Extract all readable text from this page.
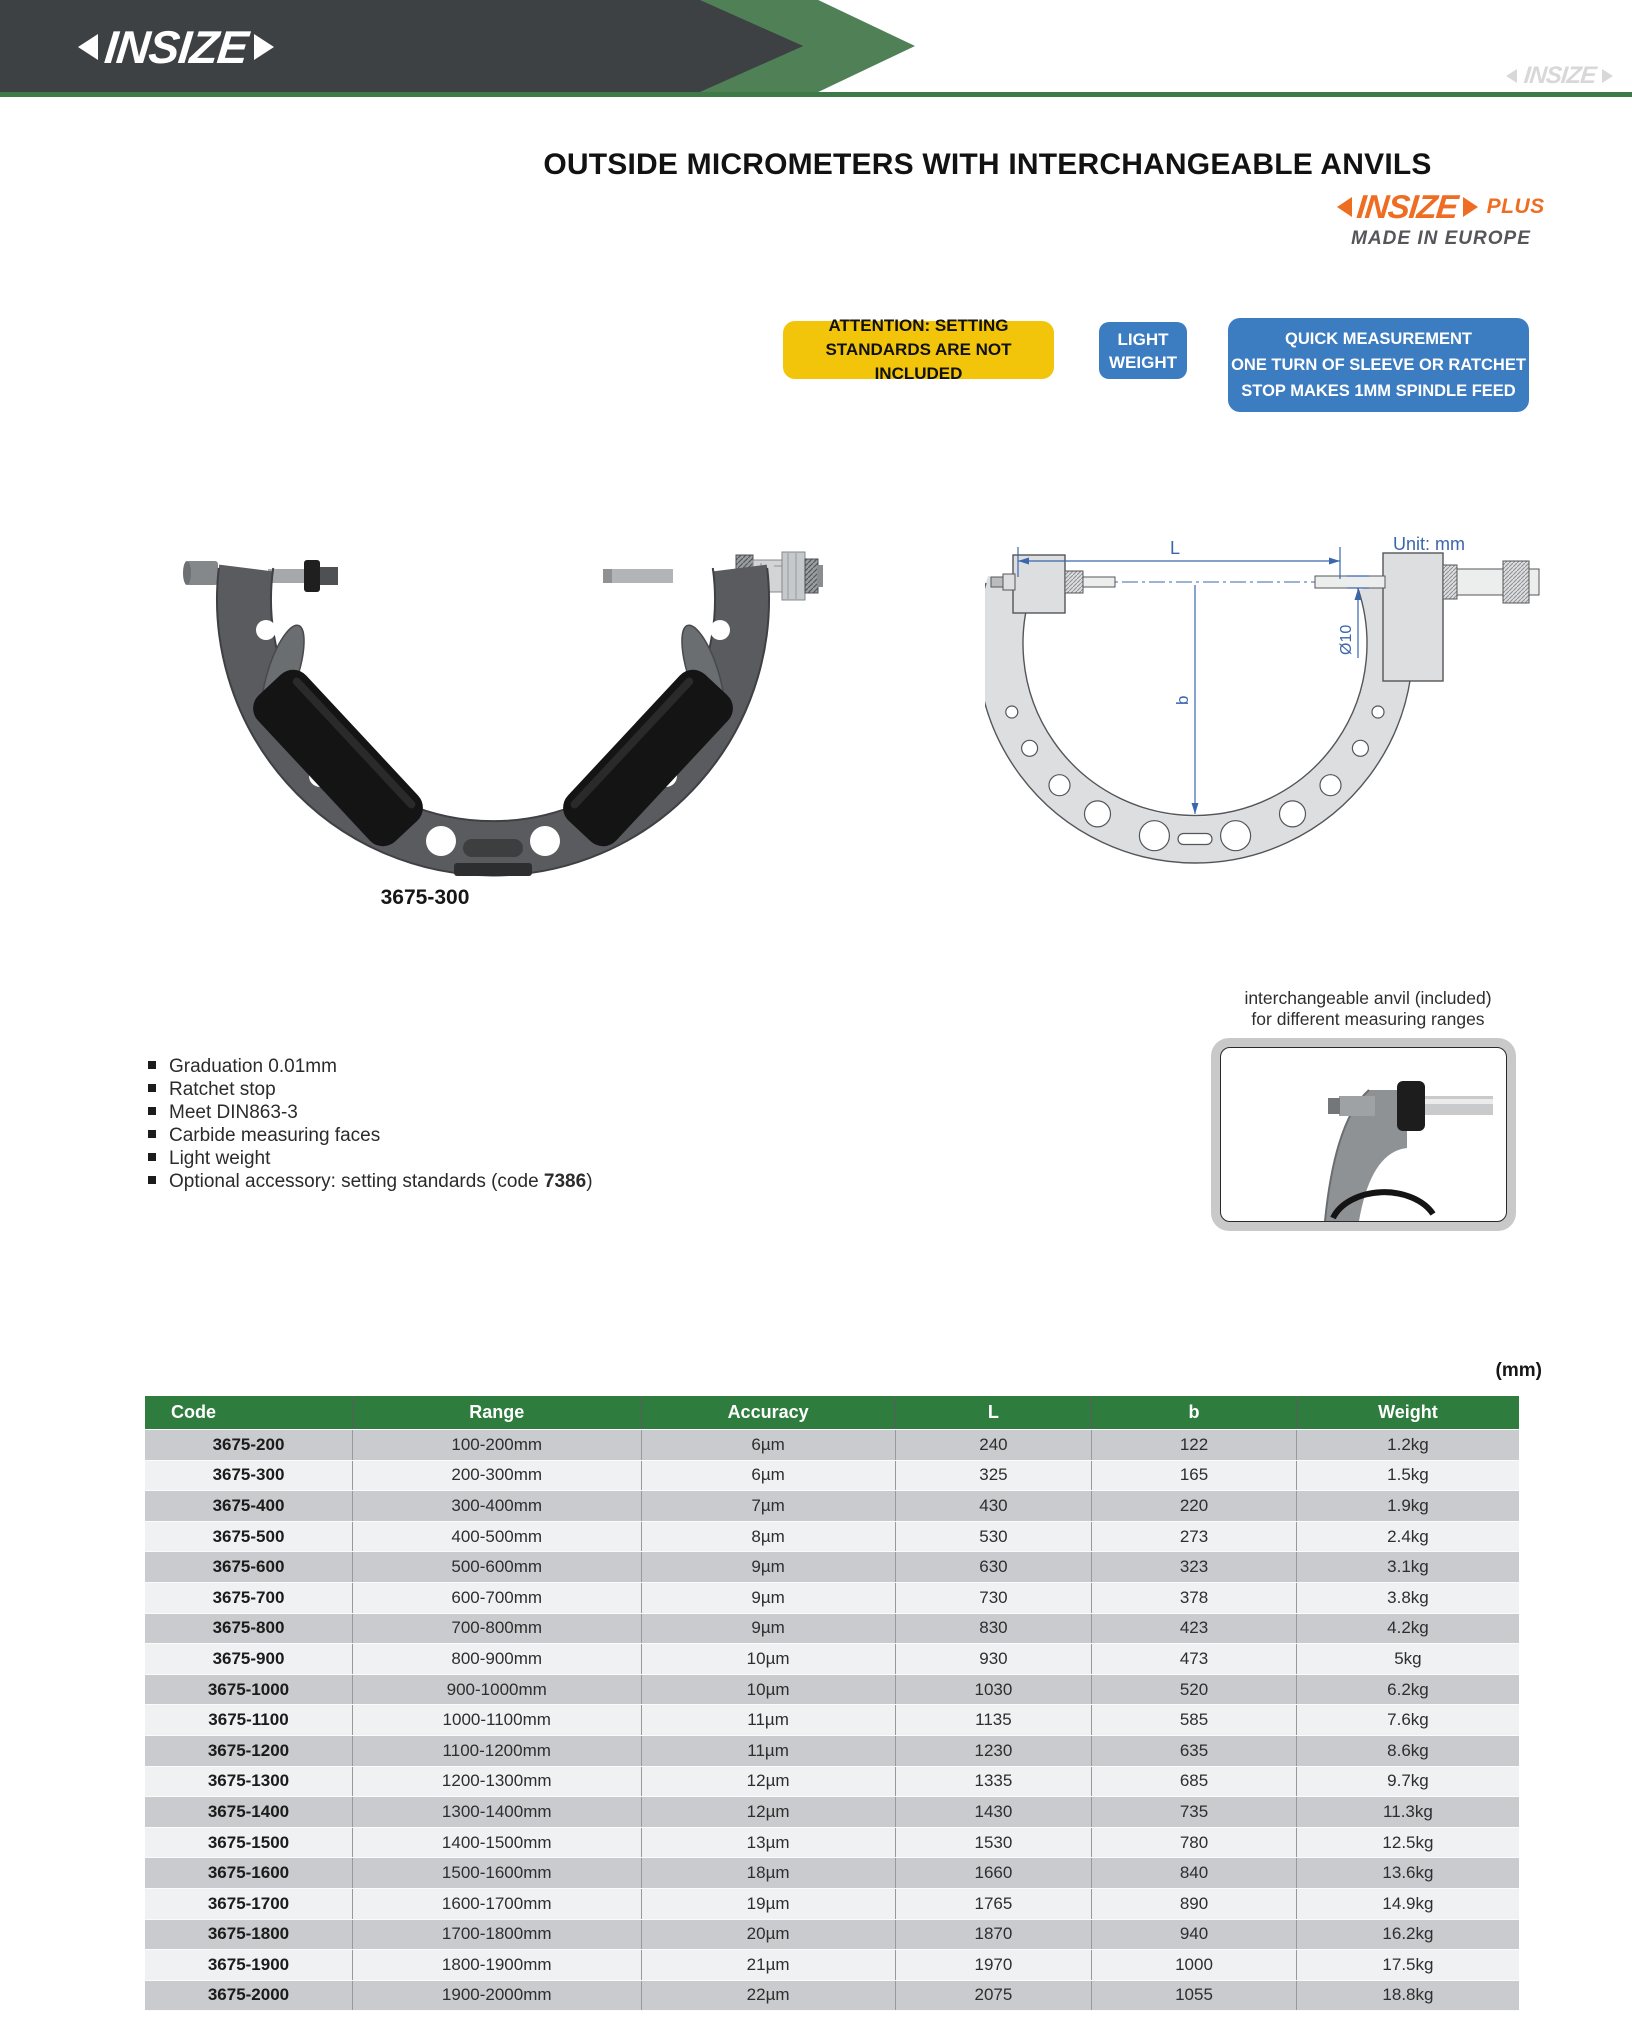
INSIZE
INSIZE
OUTSIDE MICROMETERS WITH INTERCHANGEABLE ANVILS
INSIZE PLUS
MADE IN EUROPE
ATTENTION: SETTING
STANDARDS ARE NOT INCLUDED
LIGHT
WEIGHT
QUICK MEASUREMENT
ONE TURN OF SLEEVE OR RATCHET
STOP MAKES 1MM SPINDLE FEED
3675-300
L
Ø10
b
Unit: mm
Graduation 0.01mm
Ratchet stop
Meet DIN863-3
Carbide measuring faces
Light weight
Optional accessory: setting standards (code 7386)
interchangeable anvil (included)
for different measuring ranges
(mm)
Code	Range	Accuracy	L	b	Weight
3675-200	100-200mm	6µm	240	122	1.2kg
3675-300	200-300mm	6µm	325	165	1.5kg
3675-400	300-400mm	7µm	430	220	1.9kg
3675-500	400-500mm	8µm	530	273	2.4kg
3675-600	500-600mm	9µm	630	323	3.1kg
3675-700	600-700mm	9µm	730	378	3.8kg
3675-800	700-800mm	9µm	830	423	4.2kg
3675-900	800-900mm	10µm	930	473	5kg
3675-1000	900-1000mm	10µm	1030	520	6.2kg
3675-1100	1000-1100mm	11µm	1135	585	7.6kg
3675-1200	1100-1200mm	11µm	1230	635	8.6kg
3675-1300	1200-1300mm	12µm	1335	685	9.7kg
3675-1400	1300-1400mm	12µm	1430	735	11.3kg
3675-1500	1400-1500mm	13µm	1530	780	12.5kg
3675-1600	1500-1600mm	18µm	1660	840	13.6kg
3675-1700	1600-1700mm	19µm	1765	890	14.9kg
3675-1800	1700-1800mm	20µm	1870	940	16.2kg
3675-1900	1800-1900mm	21µm	1970	1000	17.5kg
3675-2000	1900-2000mm	22µm	2075	1055	18.8kg
